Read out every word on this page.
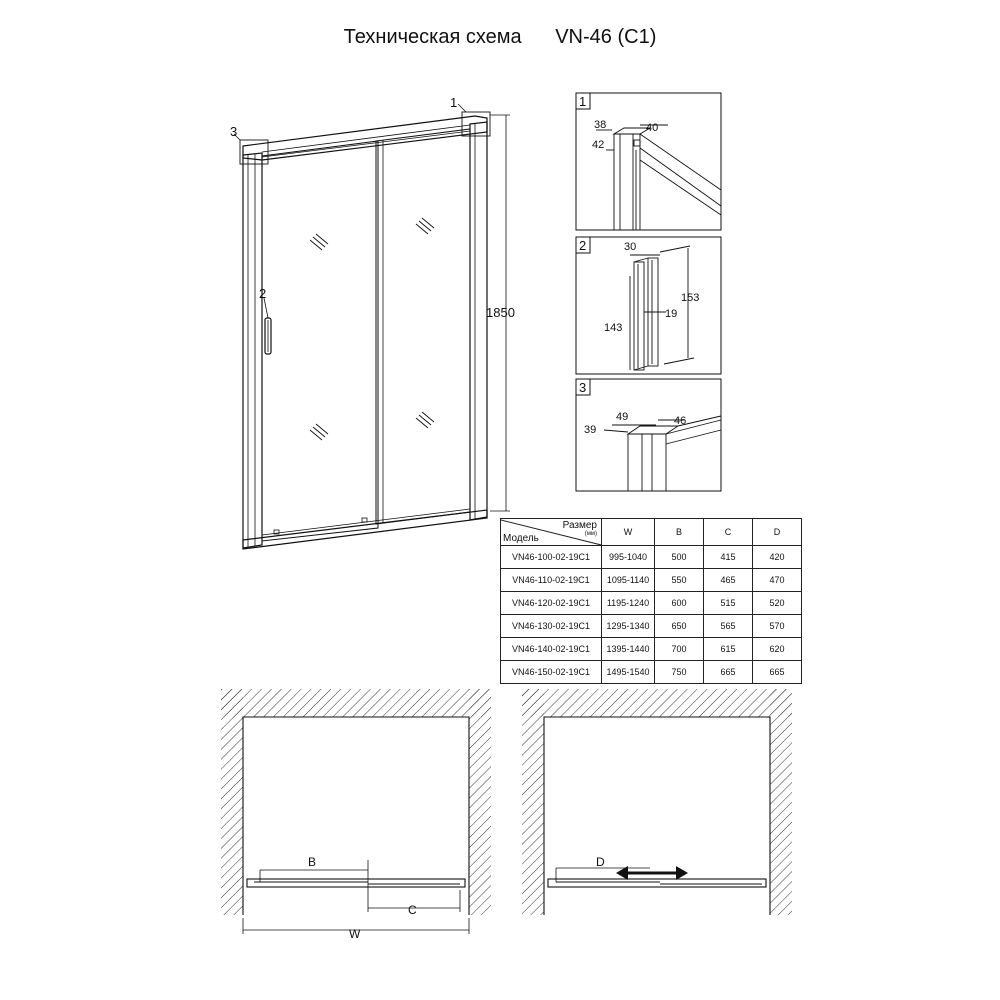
Техническая схема VN-46 (C1)
3
1
2
1850
1
2
3
38	40
42
30
153
143
19
49	46
39
B
C
W
D
Размер
(мм)
Модель	W	B	C	D
VN46-100-02-19C1	995-1040	500	415	420
VN46-110-02-19C1	1095-1140	550	465	470
VN46-120-02-19C1	1195-1240	600	515	520
VN46-130-02-19C1	1295-1340	650	565	570
VN46-140-02-19C1	1395-1440	700	615	620
VN46-150-02-19C1	1495-1540	750	665	665
